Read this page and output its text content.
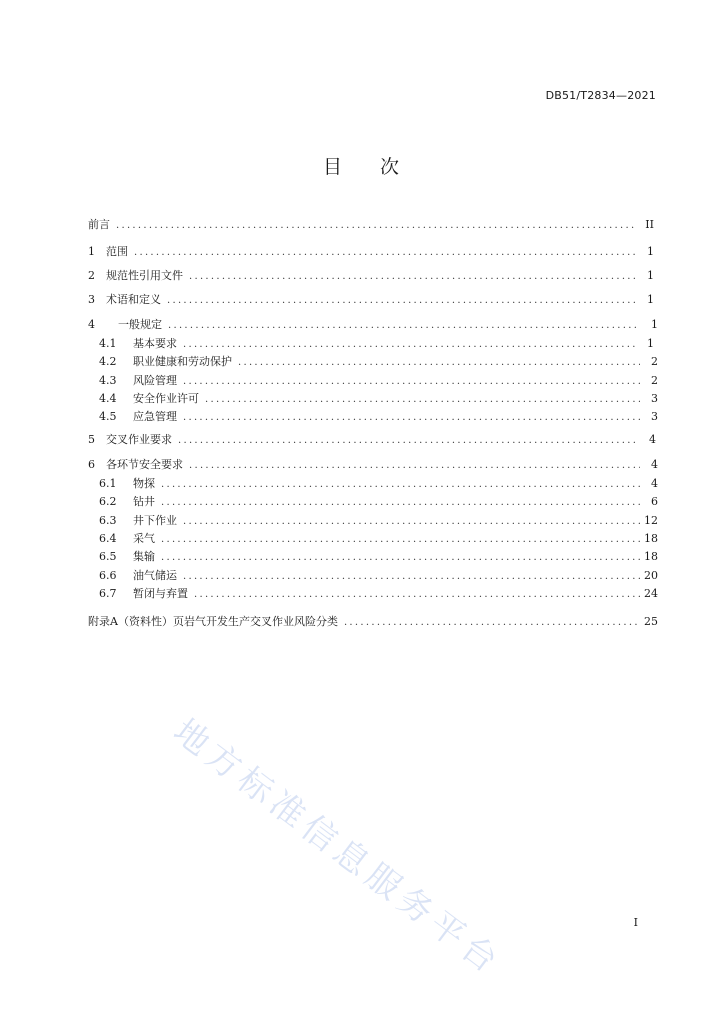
DB51/T2834—2021
目 次
前言 .....	II
1	范围 .....	1
2	规范性引用文件 .....	1
3	术语和定义 .....	1
4	一般规定 .....	1
4.1	基本要求 .....	1
4.2	职业健康和劳动保护 .....	2
4.3	风险管理 .....	2
4.4	安全作业许可 .....	3
4.5	应急管理 .....	3
5	交叉作业要求 .....	4
6	各环节安全要求 .....	4
6.1	物探 .....	4
6.2	钻井 .....	6
6.3	井下作业 .....	12
6.4	采气 .....	18
6.5	集输 .....	18
6.6	油气储运 .....	20
6.7	暂闭与弃置 .....	24
附录A（资料性）页岩气开发生产交叉作业风险分类 .....	25
地方标准信息服务平台	I
